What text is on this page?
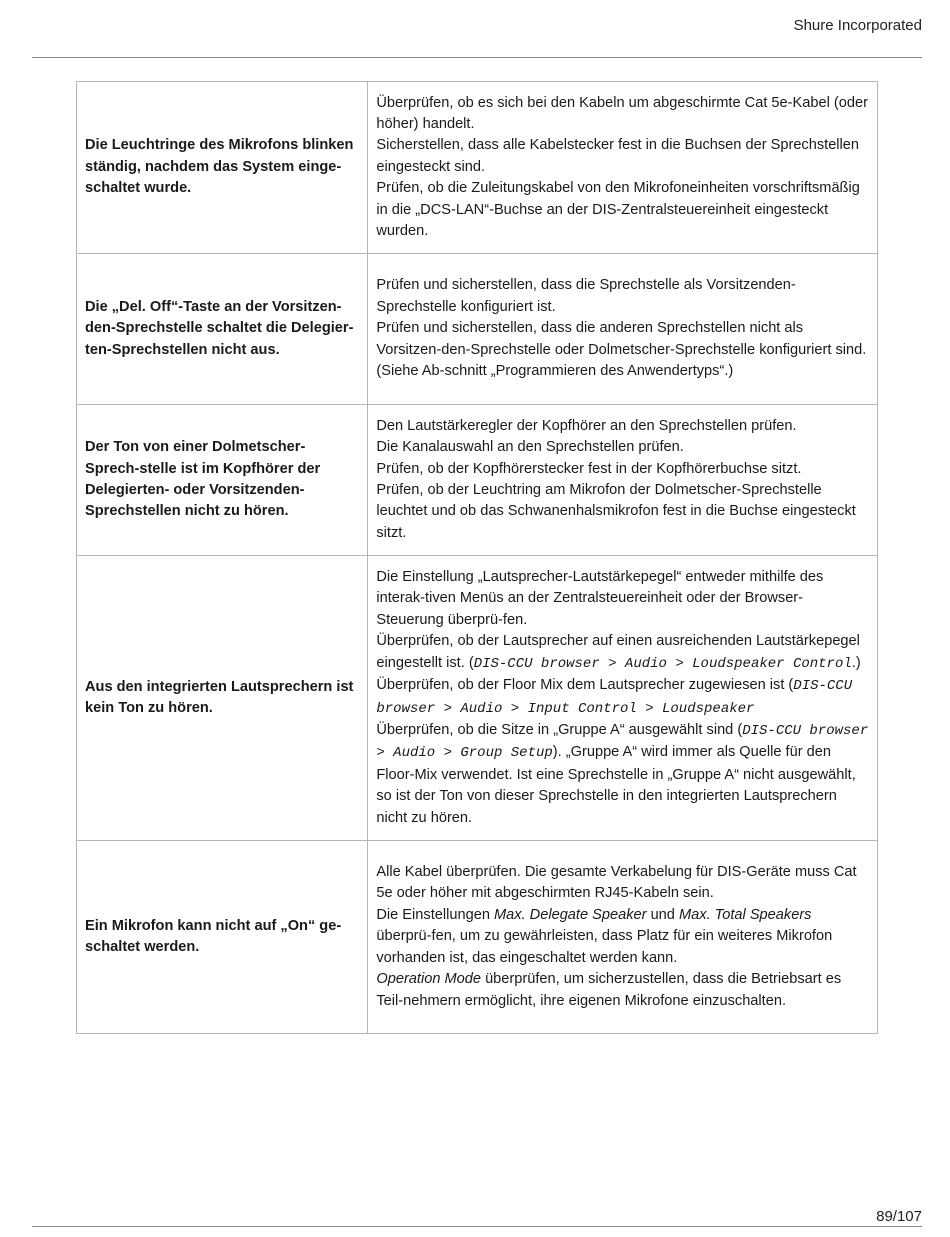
Shure Incorporated
Die Leuchtringe des Mikrofons blinken ständig, nachdem das System einge-schaltet wurde.	Überprüfen, ob es sich bei den Kabeln um abgeschirmte Cat 5e-Kabel (oder höher) handelt.
Sicherstellen, dass alle Kabelstecker fest in die Buchsen der Sprechstellen eingesteckt sind.
Prüfen, ob die Zuleitungskabel von den Mikrofoneinheiten vorschriftsmäßig in die „DCS-LAN“-Buchse an der DIS-Zentralsteuereinheit eingesteckt wurden.

Die „Del. Off“-Taste an der Vorsitzen-den-Sprechstelle schaltet die Delegier-ten-Sprechstellen nicht aus.	Prüfen und sicherstellen, dass die Sprechstelle als Vorsitzenden-Sprechstelle konfiguriert ist.
Prüfen und sicherstellen, dass die anderen Sprechstellen nicht als Vorsitzen-den-Sprechstelle oder Dolmetscher-Sprechstelle konfiguriert sind. (Siehe Ab-schnitt „Programmieren des Anwendertyps“.)

Der Ton von einer Dolmetscher-Sprech-stelle ist im Kopfhörer der Delegierten- oder Vorsitzenden-Sprechstellen nicht zu hören.	Den Lautstärkeregler der Kopfhörer an den Sprechstellen prüfen.
Die Kanalauswahl an den Sprechstellen prüfen.
Prüfen, ob der Kopfhörerstecker fest in der Kopfhörerbuchse sitzt.
Prüfen, ob der Leuchtring am Mikrofon der Dolmetscher-Sprechstelle leuchtet und ob das Schwanenhalsmikrofon fest in die Buchse eingesteckt sitzt.

Aus den integrierten Lautsprechern ist kein Ton zu hören.	Die Einstellung „Lautsprecher-Lautstärkepegel“ entweder mithilfe des interak-tiven Menüs an der Zentralsteuereinheit oder der Browser-Steuerung überprü-fen.
Überprüfen, ob der Lautsprecher auf einen ausreichenden Lautstärkepegel eingestellt ist. (DIS-CCU browser > Audio > Loudspeaker Control.)
Überprüfen, ob der Floor Mix dem Lautsprecher zugewiesen ist (DIS-CCU browser > Audio > Input Control > Loudspeaker
Überprüfen, ob die Sitze in „Gruppe A“ ausgewählt sind (DIS-CCU browser > Audio > Group Setup). „Gruppe A“ wird immer als Quelle für den Floor-Mix verwendet. Ist eine Sprechstelle in „Gruppe A“ nicht ausgewählt, so ist der Ton von dieser Sprechstelle in den integrierten Lautsprechern nicht zu hören.

Ein Mikrofon kann nicht auf „On“ ge-schaltet werden.	Alle Kabel überprüfen. Die gesamte Verkabelung für DIS-Geräte muss Cat 5e oder höher mit abgeschirmten RJ45-Kabeln sein.
Die Einstellungen Max. Delegate Speaker und Max. Total Speakers überprü-fen, um zu gewährleisten, dass Platz für ein weiteres Mikrofon vorhanden ist, das eingeschaltet werden kann.
Operation Mode überprüfen, um sicherzustellen, dass die Betriebsart es Teil-nehmern ermöglicht, ihre eigenen Mikrofone einzuschalten.
89/107
